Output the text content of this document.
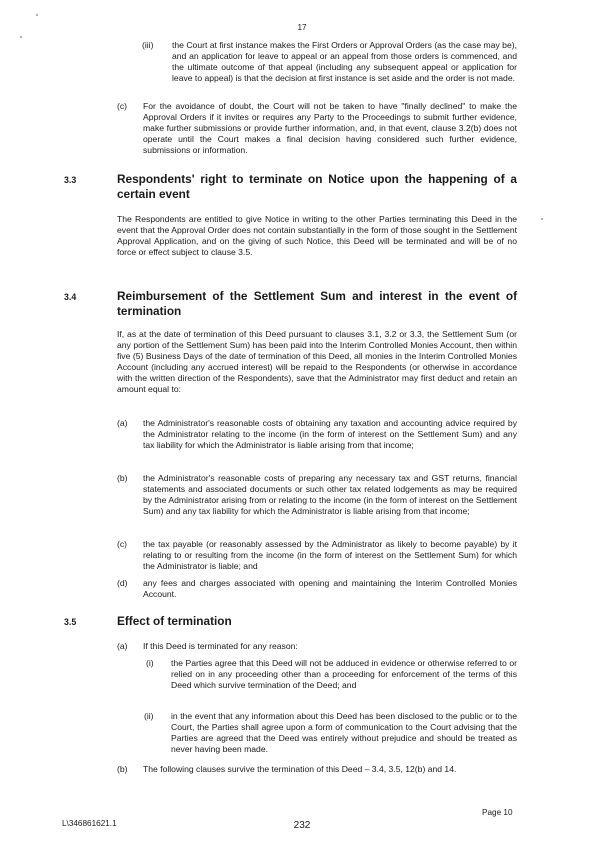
17
(iii) the Court at first instance makes the First Orders or Approval Orders (as the case may be), and an application for leave to appeal or an appeal from those orders is commenced, and the ultimate outcome of that appeal (including any subsequent appeal or application for leave to appeal) is that the decision at first instance is set aside and the order is not made.
(c) For the avoidance of doubt, the Court will not be taken to have "finally declined" to make the Approval Orders if it invites or requires any Party to the Proceedings to submit further evidence, make further submissions or provide further information, and, in that event, clause 3.2(b) does not operate until the Court makes a final decision having considered such further evidence, submissions or information.
3.3	Respondents' right to terminate on Notice upon the happening of a certain event
The Respondents are entitled to give Notice in writing to the other Parties terminating this Deed in the event that the Approval Order does not contain substantially in the form of those sought in the Settlement Approval Application, and on the giving of such Notice, this Deed will be terminated and will be of no force or effect subject to clause 3.5.
3.4	Reimbursement of the Settlement Sum and interest in the event of termination
If, as at the date of termination of this Deed pursuant to clauses 3.1, 3.2 or 3.3, the Settlement Sum (or any portion of the Settlement Sum) has been paid into the Interim Controlled Monies Account, then within five (5) Business Days of the date of termination of this Deed, all monies in the Interim Controlled Monies Account (including any accrued interest) will be repaid to the Respondents (or otherwise in accordance with the written direction of the Respondents), save that the Administrator may first deduct and retain an amount equal to:
(a) the Administrator's reasonable costs of obtaining any taxation and accounting advice required by the Administrator relating to the income (in the form of interest on the Settlement Sum) and any tax liability for which the Administrator is liable arising from that income;
(b) the Administrator's reasonable costs of preparing any necessary tax and GST returns, financial statements and associated documents or such other tax related lodgements as may be required by the Administrator arising from or relating to the income (in the form of interest on the Settlement Sum) and any tax liability for which the Administrator is liable arising from that income;
(c) the tax payable (or reasonably assessed by the Administrator as likely to become payable) by it relating to or resulting from the income (in the form of interest on the Settlement Sum) for which the Administrator is liable; and
(d) any fees and charges associated with opening and maintaining the Interim Controlled Monies Account.
3.5	Effect of termination
(a) If this Deed is terminated for any reason:
(i) the Parties agree that this Deed will not be adduced in evidence or otherwise referred to or relied on in any proceeding other than a proceeding for enforcement of the terms of this Deed which survive termination of the Deed; and
(ii) in the event that any information about this Deed has been disclosed to the public or to the Court, the Parties shall agree upon a form of communication to the Court advising that the Parties are agreed that the Deed was entirely without prejudice and should be treated as never having been made.
(b) The following clauses survive the termination of this Deed – 3.4, 3.5, 12(b) and 14.
Page 10
L\346861621.1	232
